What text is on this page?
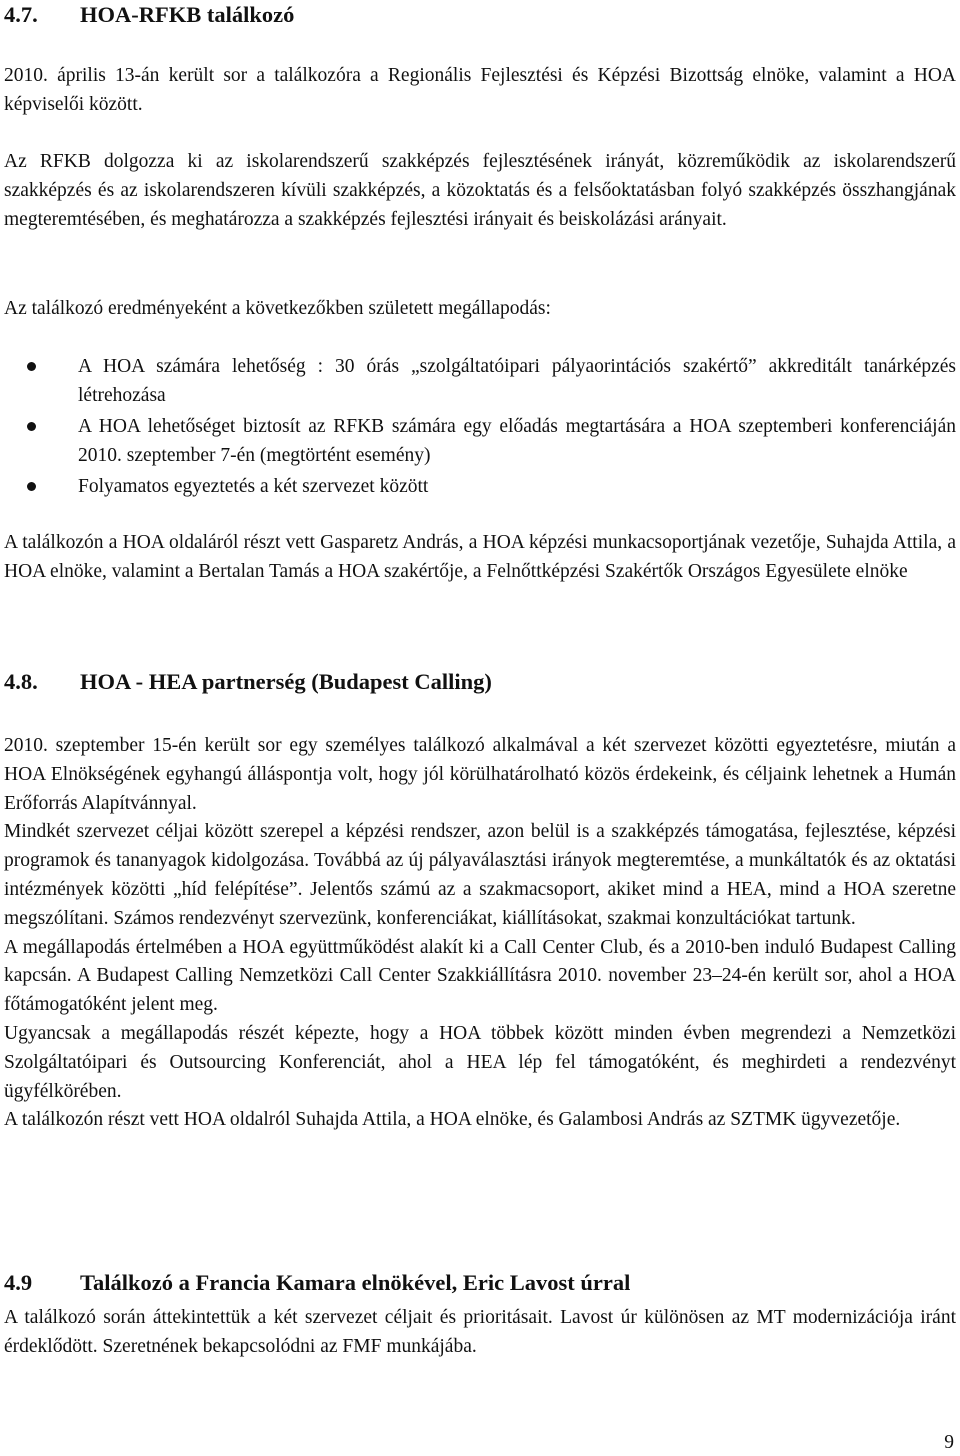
4.7.	HOA-RFKB találkozó

2010. április 13-án került sor a találkozóra a Regionális Fejlesztési és Képzési Bizottság elnöke, valamint a HOA képviselői között.

Az RFKB dolgozza ki az iskolarendszerű szakképzés fejlesztésének irányát, közreműködik az iskolarendszerű szakképzés és az iskolarendszeren kívüli szakképzés, a közoktatás és a felsőoktatásban folyó szakképzés összhangjának megteremtésében, és meghatározza a szakképzés fejlesztési irányait és beiskolázási arányait.

Az találkozó eredményeként a következőkben született megállapodás:

A HOA számára lehetőség : 30 órás „szolgáltatóipari pályaorintációs szakértő” akkreditált tanárképzés létrehozása
A HOA lehetőséget biztosít az RFKB számára egy előadás megtartására a HOA szeptemberi konferenciáján 2010. szeptember 7-én (megtörtént esemény)
Folyamatos egyeztetés a két szervezet között

A találkozón a HOA oldaláról részt vett Gasparetz András, a HOA képzési munkacsoportjának vezetője, Suhajda Attila, a HOA elnöke, valamint a Bertalan Tamás a HOA szakértője, a Felnőttképzési Szakértők Országos Egyesülete elnöke

4.8.	HOA - HEA partnerség (Budapest Calling)

2010. szeptember 15-én került sor egy személyes találkozó alkalmával a két szervezet közötti egyeztetésre, miután a HOA Elnökségének egyhangú álláspontja volt, hogy jól körülhatárolható közös érdekeink, és céljaink lehetnek a Humán Erőforrás Alapítvánnyal.

Mindkét szervezet céljai között szerepel a képzési rendszer, azon belül is a szakképzés támogatása, fejlesztése, képzési programok és tananyagok kidolgozása. Továbbá az új pályaválasztási irányok megteremtése, a munkáltatók és az oktatási intézmények közötti „híd felépítése”. Jelentős számú az a szakmacsoport, akiket mind a HEA, mind a HOA szeretne megszólítani. Számos rendezvényt szervezünk, konferenciákat, kiállításokat, szakmai konzultációkat tartunk.

A megállapodás értelmében a HOA együttműködést alakít ki a Call Center Club, és a 2010-ben induló Budapest Calling kapcsán. A Budapest Calling Nemzetközi Call Center Szakkiállításra 2010. november 23–24-én került sor, ahol a HOA főtámogatóként jelent meg.

Ugyancsak a megállapodás részét képezte, hogy a HOA többek között minden évben megrendezi a Nemzetközi Szolgáltatóipari és Outsourcing Konferenciát, ahol a HEA lép fel támogatóként, és meghirdeti a rendezvényt ügyfélkörében.

A találkozón részt vett HOA oldalról Suhajda Attila, a HOA elnöke, és Galambosi András az SZTMK ügyvezetője.

4.9	Találkozó a Francia Kamara elnökével, Eric Lavost úrral

A találkozó során áttekintettük a két szervezet céljait és prioritásait. Lavost úr különösen az MT modernizációja iránt érdeklődött. Szeretnének bekapcsolódni az FMF munkájába.

9
